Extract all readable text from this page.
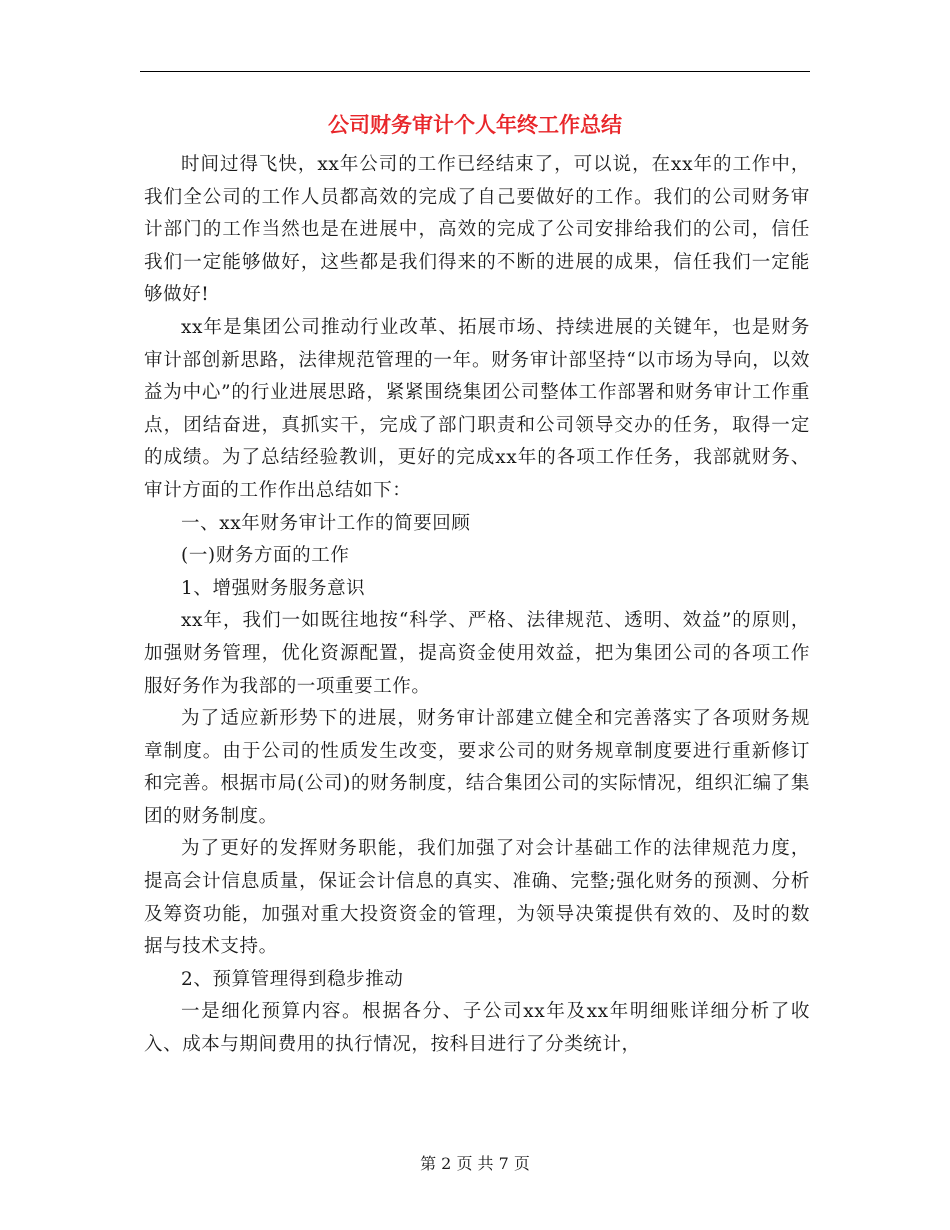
公司财务审计个人年终工作总结

时间过得飞快，xx年公司的工作已经结束了，可以说，在xx年的工作中，我们全公司的工作人员都高效的完成了自己要做好的工作。我们的公司财务审计部门的工作当然也是在进展中，高效的完成了公司安排给我们的公司，信任我们一定能够做好，这些都是我们得来的不断的进展的成果，信任我们一定能够做好!

xx年是集团公司推动行业改革、拓展市场、持续进展的关键年，也是财务审计部创新思路，法律规范管理的一年。财务审计部坚持“以市场为导向，以效益为中心”的行业进展思路，紧紧围绕集团公司整体工作部署和财务审计工作重点，团结奋进，真抓实干，完成了部门职责和公司领导交办的任务，取得一定的成绩。为了总结经验教训，更好的完成xx年的各项工作任务，我部就财务、审计方面的工作作出总结如下：

一、xx年财务审计工作的简要回顾

(一)财务方面的工作

1、增强财务服务意识

xx年，我们一如既往地按“科学、严格、法律规范、透明、效益”的原则，加强财务管理，优化资源配置，提高资金使用效益，把为集团公司的各项工作服好务作为我部的一项重要工作。

为了适应新形势下的进展，财务审计部建立健全和完善落实了各项财务规章制度。由于公司的性质发生改变，要求公司的财务规章制度要进行重新修订和完善。根据市局(公司)的财务制度，结合集团公司的实际情况，组织汇编了集团的财务制度。

为了更好的发挥财务职能，我们加强了对会计基础工作的法律规范力度，提高会计信息质量，保证会计信息的真实、准确、完整;强化财务的预测、分析及筹资功能，加强对重大投资资金的管理，为领导决策提供有效的、及时的数据与技术支持。

2、预算管理得到稳步推动

一是细化预算内容。根据各分、子公司xx年及xx年明细账详细分析了收入、成本与期间费用的执行情况，按科目进行了分类统计，

第 2 页 共 7 页
